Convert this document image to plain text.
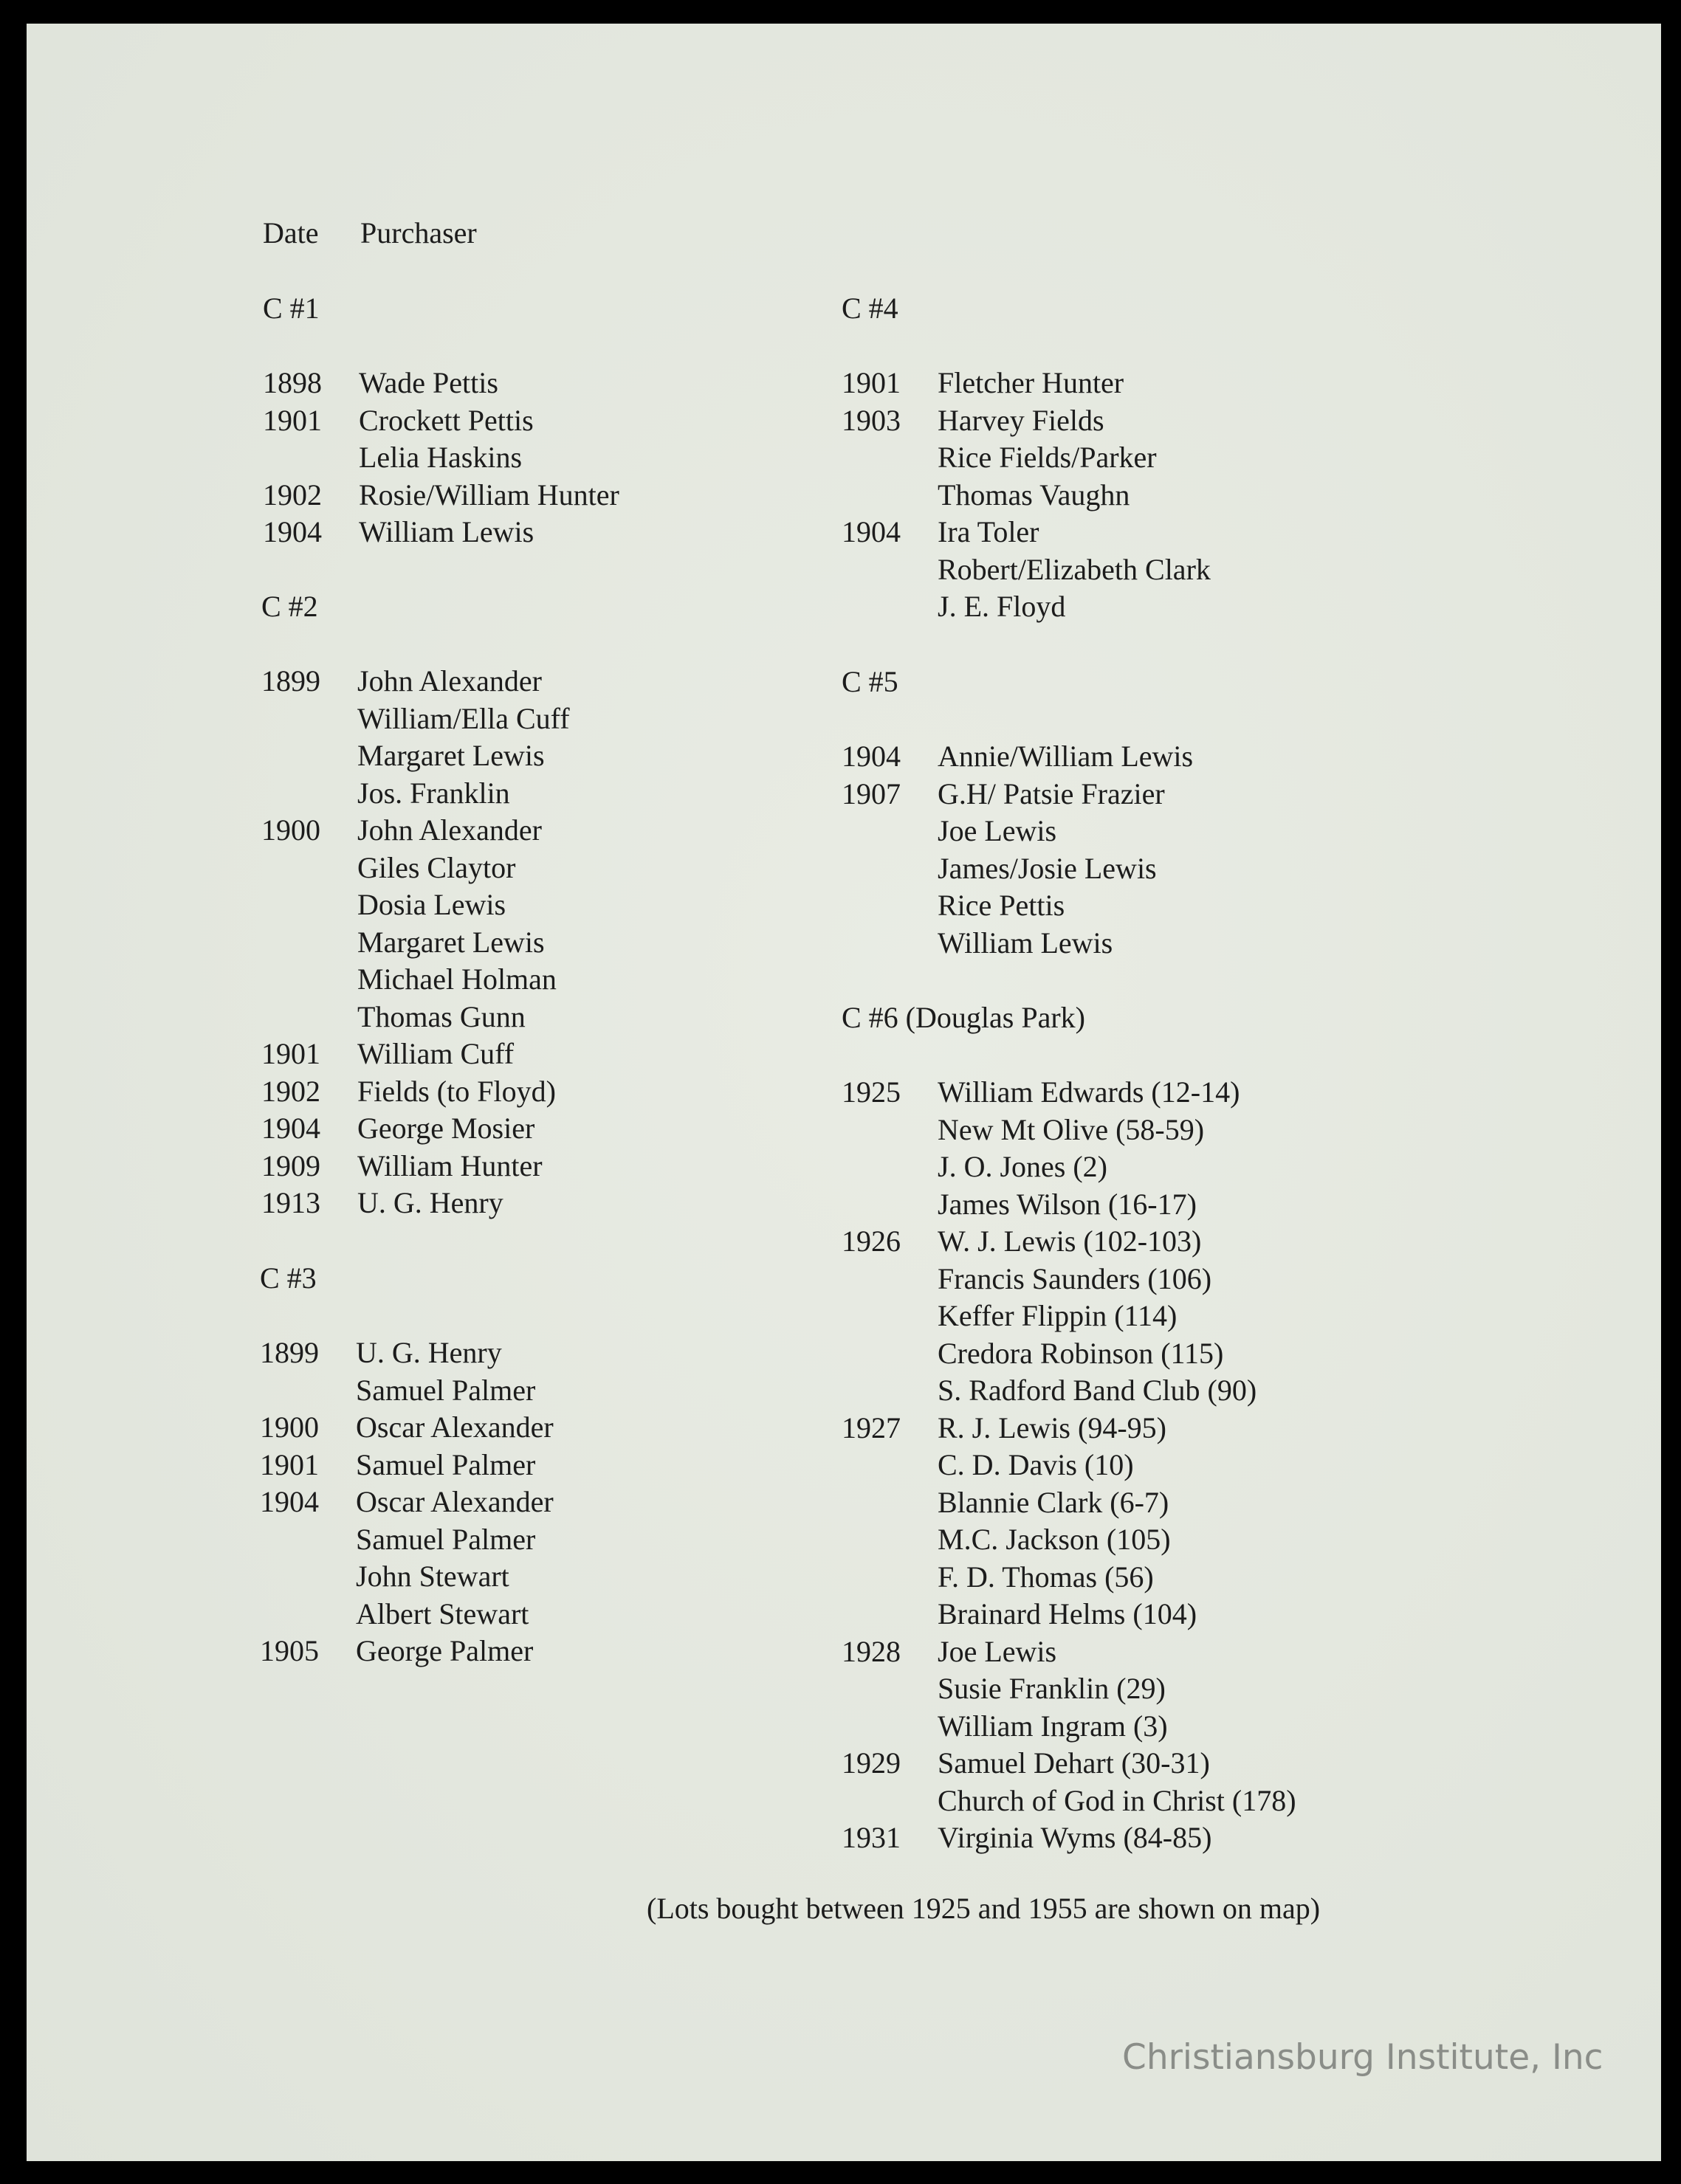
Date Purchaser
C #1
1898 Wade Pettis
1901 Crockett Pettis
Lelia Haskins
1902 Rosie/William Hunter
1904 William Lewis
C #2
1899 John Alexander
William/Ella Cuff
Margaret Lewis
Jos. Franklin
1900 John Alexander
Giles Claytor
Dosia Lewis
Margaret Lewis
Michael Holman
Thomas Gunn
1901 William Cuff
1902 Fields (to Floyd)
1904 George Mosier
1909 William Hunter
1913 U. G. Henry
C #3
1899 U. G. Henry
Samuel Palmer
1900 Oscar Alexander
1901 Samuel Palmer
1904 Oscar Alexander
Samuel Palmer
John Stewart
Albert Stewart
1905 George Palmer
C #4
1901 Fletcher Hunter
1903 Harvey Fields
Rice Fields/Parker
Thomas Vaughn
1904 Ira Toler
Robert/Elizabeth Clark
J. E. Floyd
C #5
1904 Annie/William Lewis
1907 G.H/ Patsie Frazier
Joe Lewis
James/Josie Lewis
Rice Pettis
William Lewis
C #6 (Douglas Park)
1925 William Edwards (12-14)
New Mt Olive (58-59)
J. O. Jones (2)
James Wilson (16-17)
1926 W. J. Lewis (102-103)
Francis Saunders (106)
Keffer Flippin (114)
Credora Robinson (115)
S. Radford Band Club (90)
1927 R. J. Lewis (94-95)
C. D. Davis (10)
Blannie Clark (6-7)
M.C. Jackson (105)
F. D. Thomas (56)
Brainard Helms (104)
1928 Joe Lewis
Susie Franklin (29)
William Ingram (3)
1929 Samuel Dehart (30-31)
Church of God in Christ (178)
1931 Virginia Wyms (84-85)
(Lots bought between 1925 and 1955 are shown on map)
Christiansburg Institute, Inc
